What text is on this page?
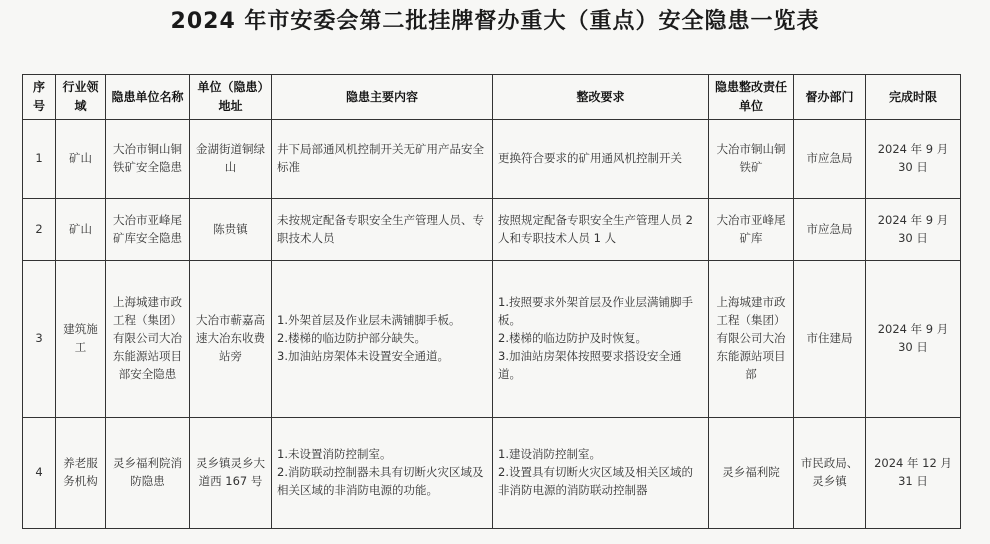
2024 年市安委会第二批挂牌督办重大（重点）安全隐患一览表
序号	行业领域	隐患单位名称	单位（隐患）地址	隐患主要内容	整改要求	隐患整改责任单位	督办部门	完成时限
1	矿山	大冶市铜山铜铁矿安全隐患	金湖街道铜绿山	井下局部通风机控制开关无矿用产品安全标准	更换符合要求的矿用通风机控制开关	大冶市铜山铜铁矿	市应急局	2024 年 9 月 30 日
2	矿山	大冶市亚峰尾矿库安全隐患	陈贵镇	未按规定配备专职安全生产管理人员、专职技术人员	按照规定配备专职安全生产管理人员 2 人和专职技术人员 1 人	大冶市亚峰尾矿库	市应急局	2024 年 9 月 30 日
3	建筑施工	上海城建市政工程（集团）有限公司大冶东能源站项目部安全隐患	大冶市蕲嘉高速大冶东收费站旁	1.外架首层及作业层未满铺脚手板。
2.楼梯的临边防护部分缺失。
3.加油站房架体未设置安全通道。	1.按照要求外架首层及作业层满铺脚手板。
2.楼梯的临边防护及时恢复。
3.加油站房架体按照要求搭设安全通道。	上海城建市政工程（集团）有限公司大冶东能源站项目部	市住建局	2024 年 9 月 30 日
4	养老服务机构	灵乡福利院消防隐患	灵乡镇灵乡大道西 167 号	1.未设置消防控制室。
2.消防联动控制器未具有切断火灾区域及相关区域的非消防电源的功能。	1.建设消防控制室。
2.设置具有切断火灾区域及相关区域的非消防电源的消防联动控制器	灵乡福利院	市民政局、灵乡镇	2024 年 12 月 31 日
